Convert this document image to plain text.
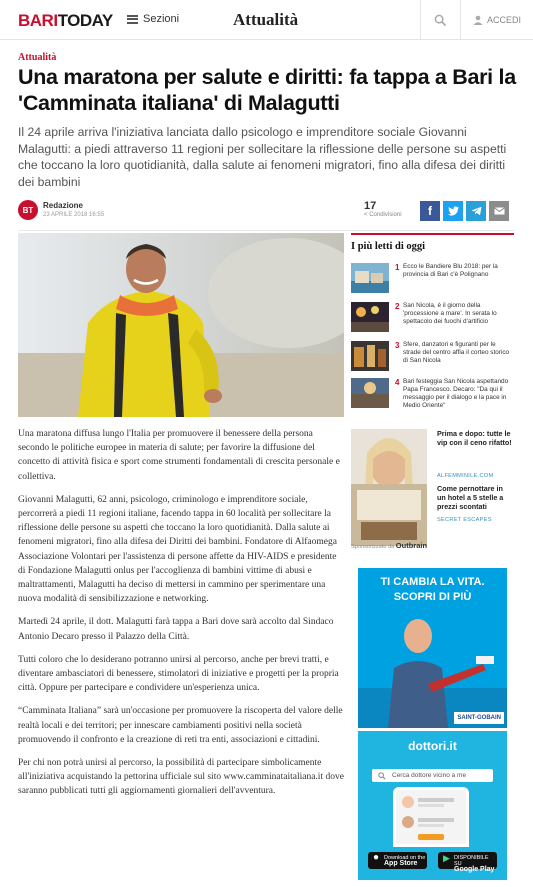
BARITODAY	Sezioni	Attualità	ACCEDI
Attualità
Una maratona per salute e diritti: fa tappa a Bari la 'Camminata italiana' di Malagutti

Il 24 aprile arriva l'iniziativa lanciata dallo psicologo e imprenditore sociale Giovanni Malagutti: a piedi attraverso 11 regioni per sollecitare la riflessione delle persone su aspetti che toccano la loro quotidianità, dalla salute ai fenomeni migratori, fino alla difesa dei diritti dei bambini

BT	Redazione
23 APRILE 2018 16:55
17
< Condivisioni f

Una maratona diffusa lungo l'Italia per promuovere il benessere della persona secondo le politiche europee in materia di salute; per favorire la diffusione del concetto di attività fisica e sport come strumenti fondamentali di crescita personale e collettiva.

Giovanni Malagutti, 62 anni, psicologo, criminologo e imprenditore sociale, percorrerà a piedi 11 regioni italiane, facendo tappa in 60 località per sollecitare la riflessione delle persone su aspetti che toccano la loro quotidianità. Dalla salute ai fenomeni migratori, fino alla difesa dei Diritti dei bambini. Fondatore di Alfaomega Associazione Volontari per l'assistenza di persone affette da HIV-AIDS e presidente di Fondazione Malagutti onlus per l'accoglienza di bambini vittime di abusi e maltrattamenti, Malagutti ha deciso di mettersi in cammino per sperimentare una nuova modalità di sensibilizzazione e networking.

Martedì 24 aprile, il dott. Malagutti farà tappa a Bari dove sarà accolto dal Sindaco Antonio Decaro presso il Palazzo della Città.

Tutti coloro che lo desiderano potranno unirsi al percorso, anche per brevi tratti, e diventare ambasciatori di benessere, stimolatori di iniziative e progetti per la propria città. Oppure per partecipare e condividere un'esperienza unica.

“Camminata Italiana” sarà un'occasione per promuovere la riscoperta del valore delle realtà locali e dei territori; per innescare cambiamenti positivi nella società promuovendo il confronto e la creazione di reti tra enti, associazioni e cittadini.

Per chi non potrà unirsi al percorso, la possibilità di partecipare simbolicamente all'iniziativa acquistando la pettorina ufficiale sul sito www.camminataitaliana.it dove saranno pubblicati tutti gli aggiornamenti giornalieri dell'avventura.

I più letti di oggi
1 Ecco le Bandiere Blu 2018: per la provincia di Bari c'è Polignano
2 San Nicola, è il giorno della 'processione a mare'. In serata lo spettacolo dei fuochi d'artificio
3 Sfere, danzatori e figuranti per le strade del centro affia il corteo storico di San Nicola
4 Bari festeggia San Nicola aspettando Papa Francesco. Decaro: "Da qui il messaggio per il dialogo e la pace in Medio Oriente"
Prima e dopo: tutte le vip con il ceno rifatto!
ALFEMMINILE.COM
Come pernottare in un hotel a 5 stelle a prezzi scontati
SECRET ESCAPES
Sponsorizzato da Outbrain
TI CAMBIA LA VITA.
SCOPRI DI PIÙ
SAINT-GOBAIN
dottori.it
Cerca dottore vicino a me
● Download on the
App Store
▶ DISPONIBILE SU
Google Play
